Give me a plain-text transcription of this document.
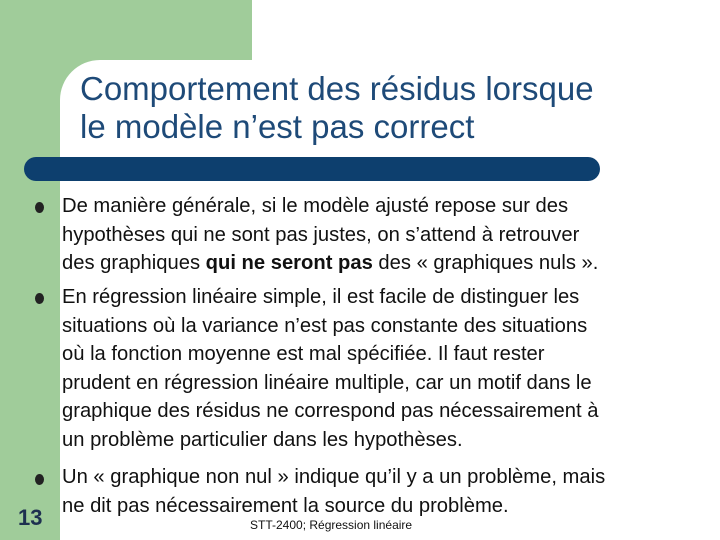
Comportement des résidus lorsque
le modèle n’est pas correct

De manière générale, si le modèle ajusté repose sur des
hypothèses qui ne sont pas justes, on s’attend à retrouver
des graphiques qui ne seront pas des « graphiques nuls ».

En régression linéaire simple, il est facile de distinguer les
situations où la variance n’est pas constante des situations
où la fonction moyenne est mal spécifiée. Il faut rester
prudent en régression linéaire multiple, car un motif dans le
graphique des résidus ne correspond pas nécessairement à
un problème particulier dans les hypothèses.

Un « graphique non nul » indique qu’il y a un problème, mais
ne dit pas nécessairement la source du problème.

13	STT-2400; Régression linéaire
